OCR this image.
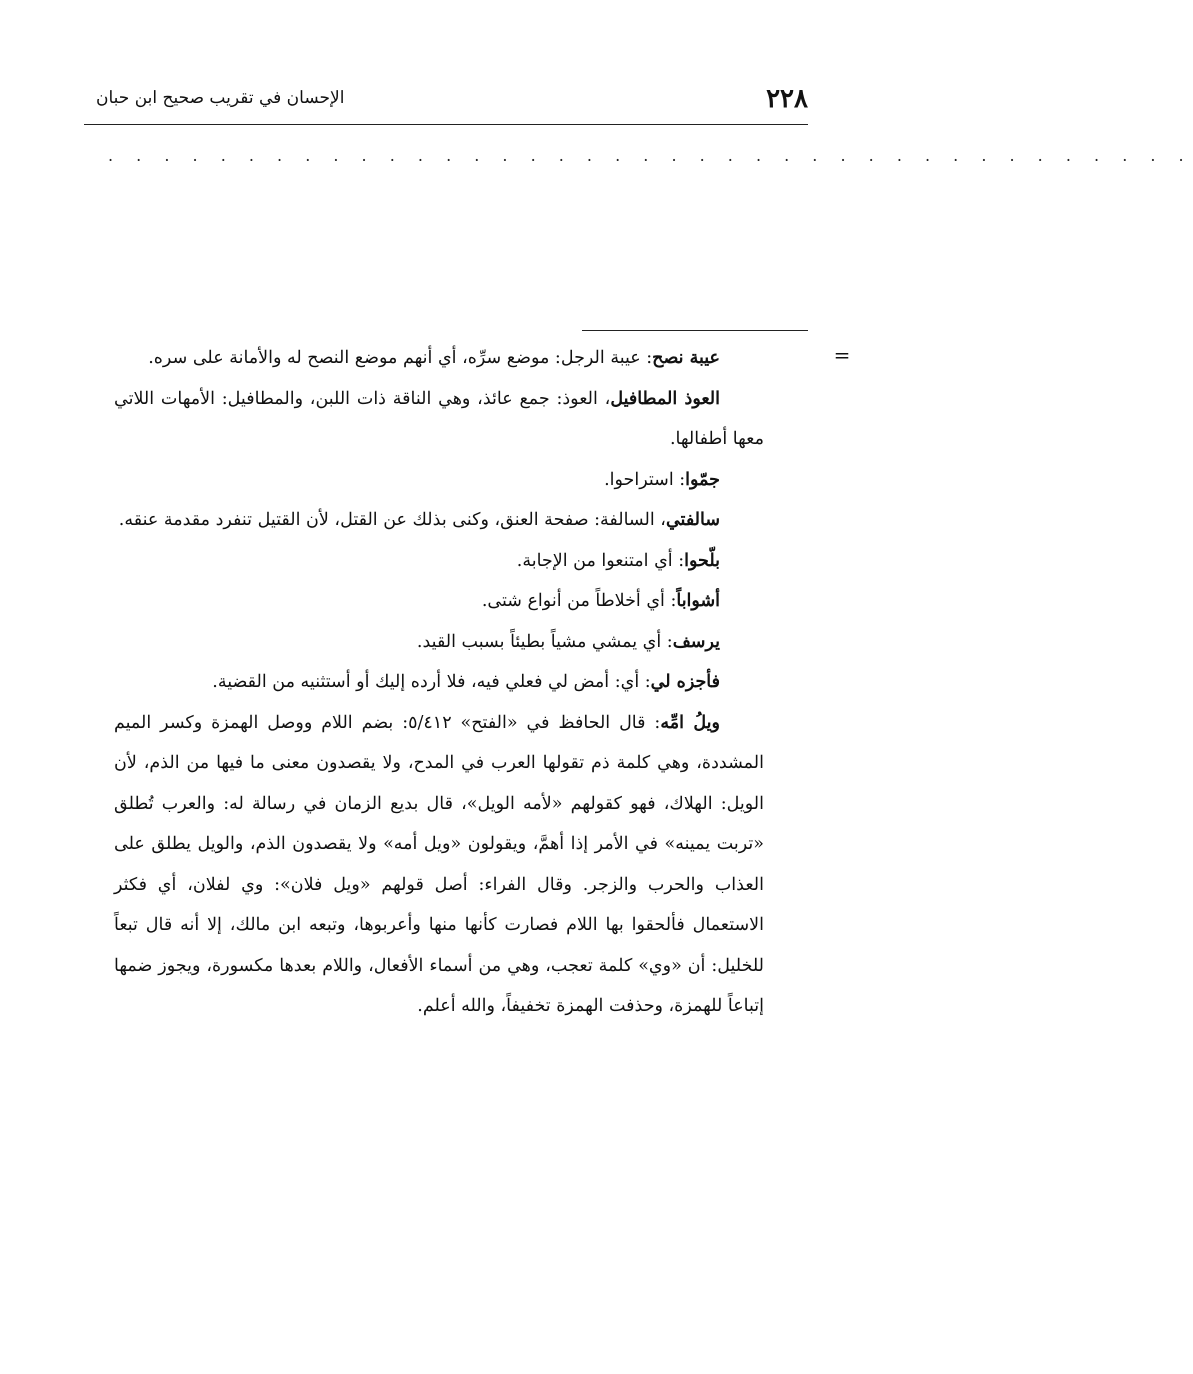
٢٢٨
الإحسان في تقريب صحيح ابن حبان
. . . . . . . . . . . . . . . . . . . . . . . . . . . . . . . . . . . . . . .
=

عيبة نصح: عيبة الرجل: موضع سرِّه، أي أنهم موضع النصح له والأمانة على سره.

العوذ المطافيل، العوذ: جمع عائذ، وهي الناقة ذات اللبن، والمطافيل: الأمهات اللاتي معها أطفالها.

جمّوا: استراحوا.

سالفتي، السالفة: صفحة العنق، وكنى بذلك عن القتل، لأن القتيل تنفرد مقدمة عنقه.

بلّحوا: أي امتنعوا من الإجابة.

أشواباً: أي أخلاطاً من أنواع شتى.

يرسف: أي يمشي مشياً بطيئاً بسبب القيد.

فأجزه لي: أي: أمض لي فعلي فيه، فلا أرده إليك أو أستثنيه من القضية.

ويلُ امِّه: قال الحافظ في «الفتح» ٥/٤١٢: بضم اللام ووصل الهمزة وكسر الميم المشددة، وهي كلمة ذم تقولها العرب في المدح، ولا يقصدون معنى ما فيها من الذم، لأن الويل: الهلاك، فهو كقولهم «لأمه الويل»، قال بديع الزمان في رسالة له: والعرب تُطلق «تربت يمينه» في الأمر إذا أهمَّ، ويقولون «ويل أمه» ولا يقصدون الذم، والويل يطلق على العذاب والحرب والزجر. وقال الفراء: أصل قولهم «ويل فلان»: وي لفلان، أي فكثر الاستعمال فألحقوا بها اللام فصارت كأنها منها وأعربوها، وتبعه ابن مالك، إلا أنه قال تبعاً للخليل: أن «وي» كلمة تعجب، وهي من أسماء الأفعال، واللام بعدها مكسورة، ويجوز ضمها إتباعاً للهمزة، وحذفت الهمزة تخفيفاً، والله أعلم.
